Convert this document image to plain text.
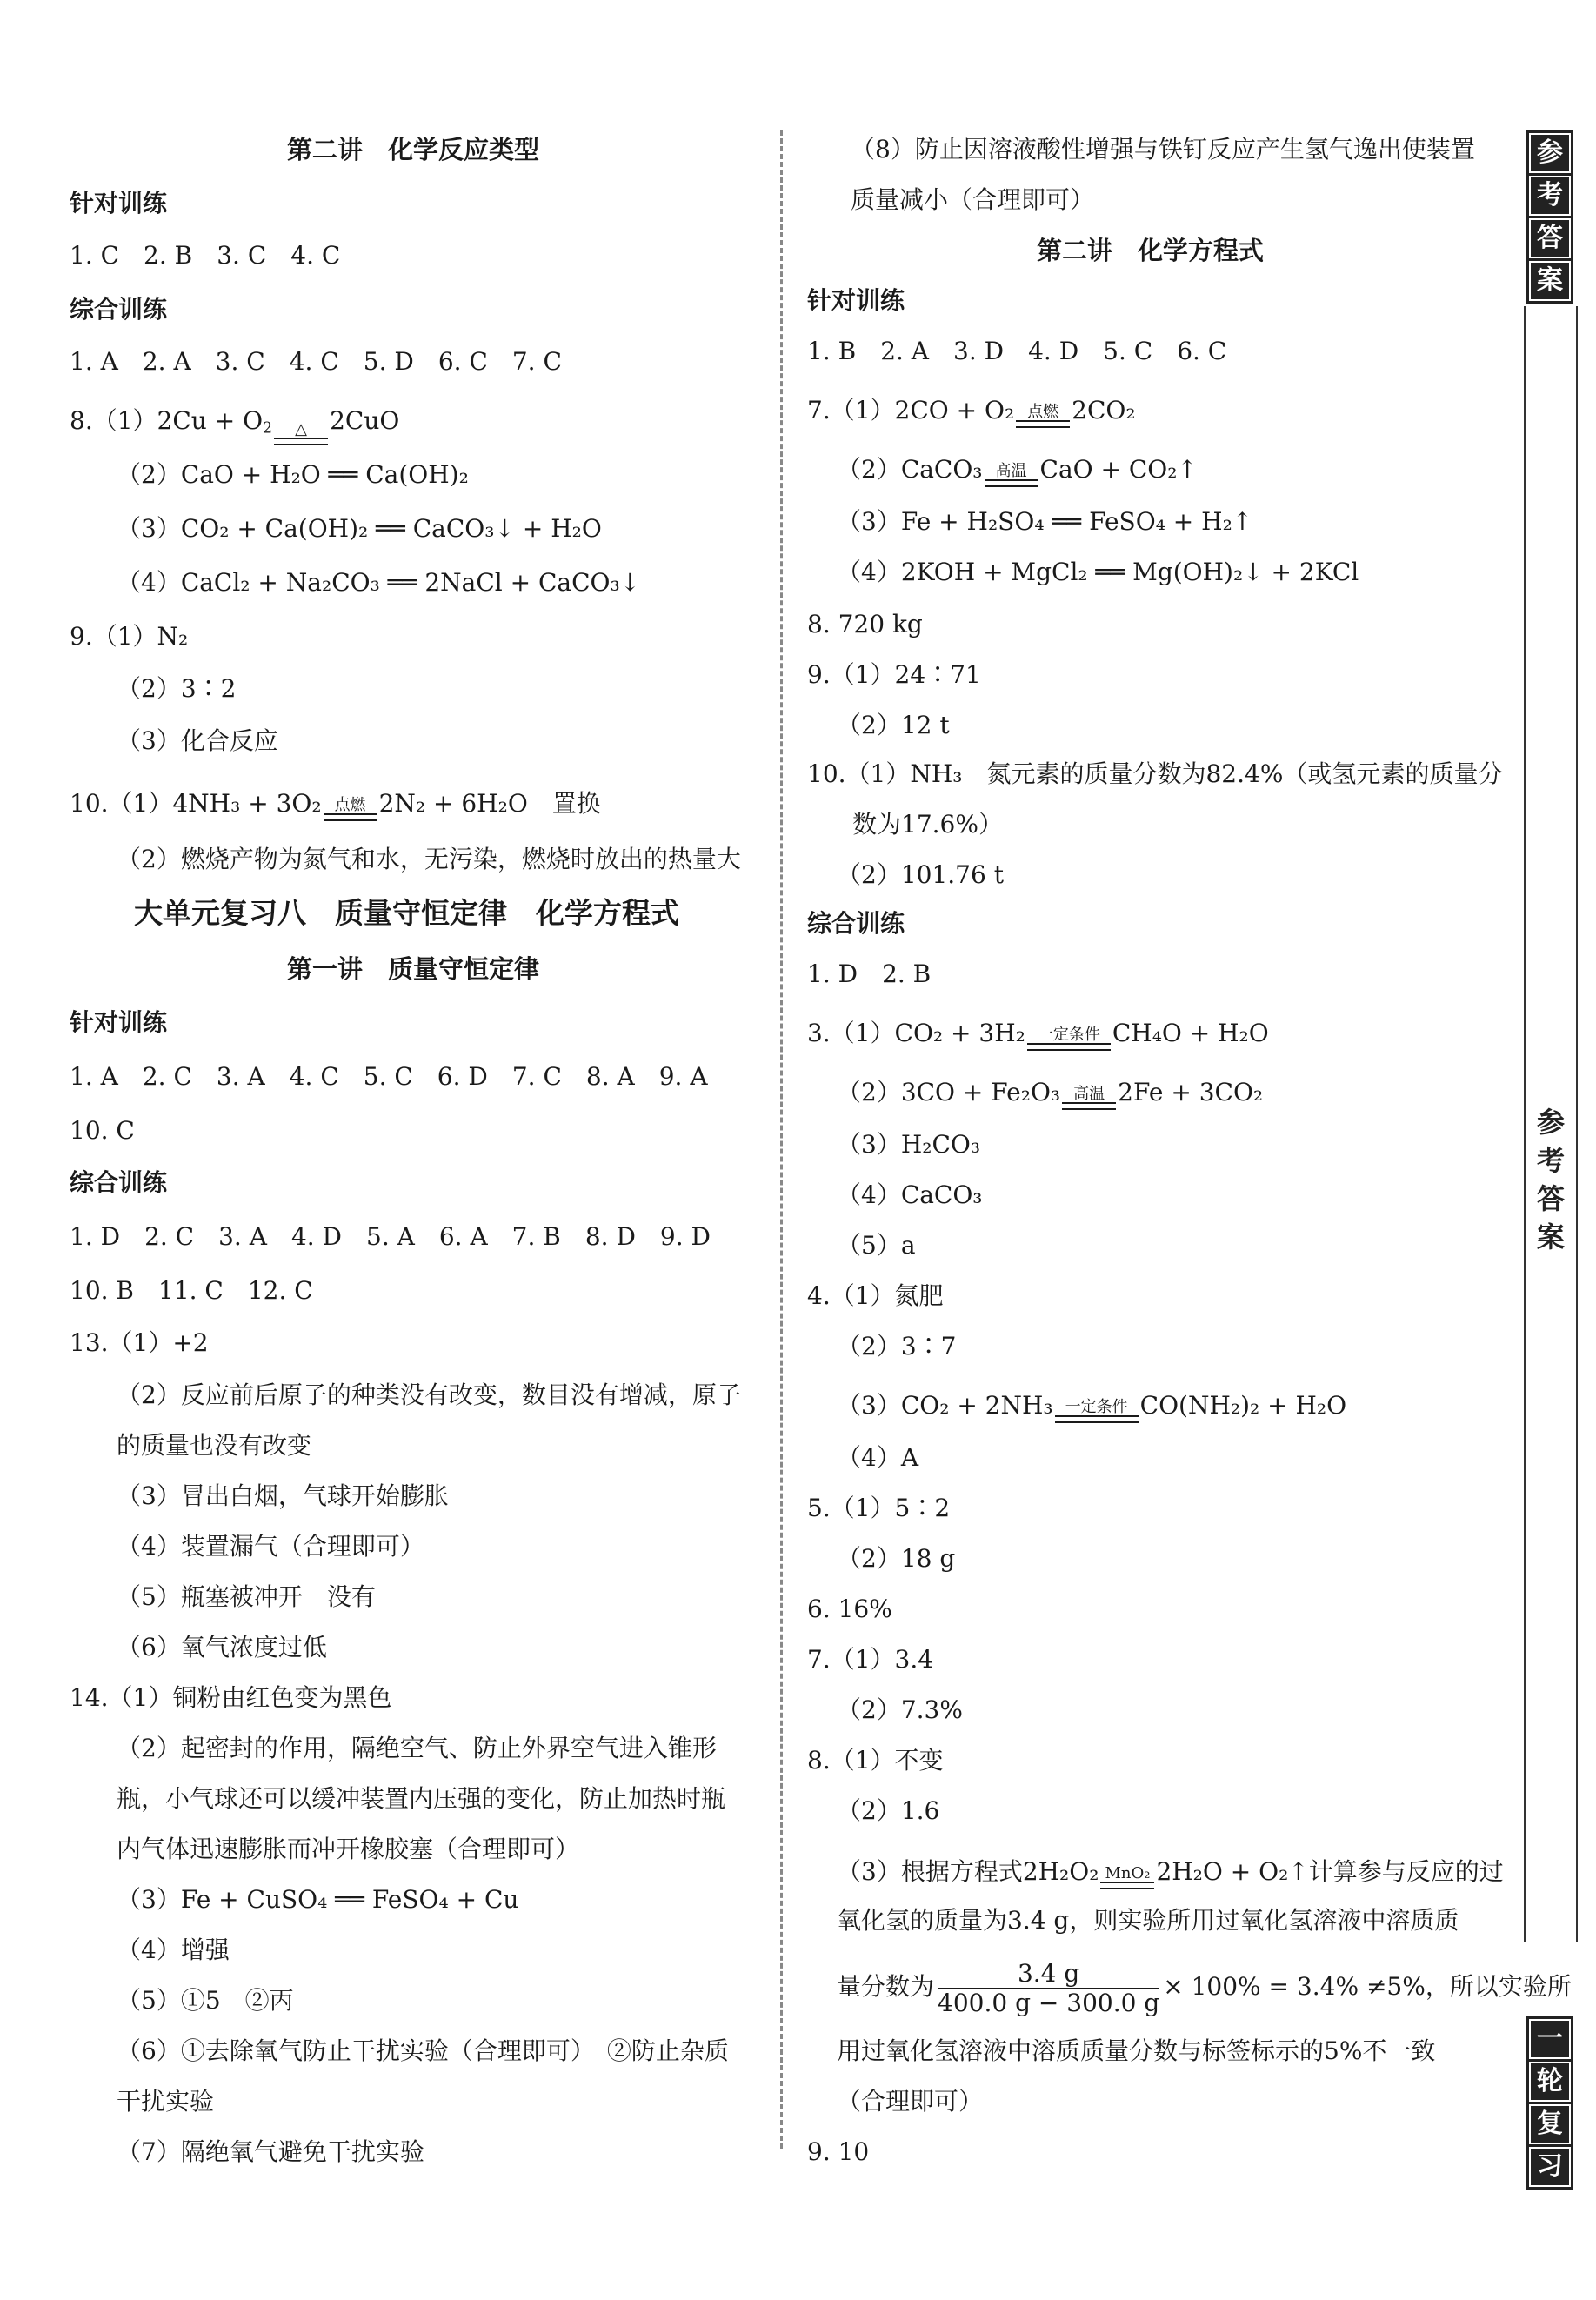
第二讲　化学反应类型
针对训练
1. C　2. B　3. C　4. C
综合训练
1. A　2. A　3. C　4. C　5. D　6. C　7. C
$8.(1)2Cu + O_2$	△ 2CuO
（2）CaO + H₂O ══ Ca(OH)₂
（3）CO₂ + Ca(OH)₂ ══ CaCO₃↓ + H₂O
（4）CaCl₂ + Na₂CO₃ ══ 2NaCl + CaCO₃↓
9.（1）N₂
（2）3∶2
（3）化合反应
10.（1）4NH₃ + 3O₂ 点燃 2N₂ + 6H₂O　置换
（2）燃烧产物为氮气和水，无污染，燃烧时放出的热量大
大单元复习八　质量守恒定律　化学方程式
第一讲　质量守恒定律
针对训练
1. A　2. C　3. A　4. C　5. C　6. D　7. C　8. A　9. A
10. C
综合训练
1. D　2. C　3. A　4. D　5. A　6. A　7. B　8. D　9. D
10. B　11. C　12. C
13.（1）+2
（2）反应前后原子的种类没有改变，数目没有增减，原子
的质量也没有改变
（3）冒出白烟，气球开始膨胀
（4）装置漏气（合理即可）
（5）瓶塞被冲开　没有
（6）氧气浓度过低
14.（1）铜粉由红色变为黑色
（2）起密封的作用，隔绝空气、防止外界空气进入锥形
瓶，小气球还可以缓冲装置内压强的变化，防止加热时瓶
内气体迅速膨胀而冲开橡胶塞（合理即可）
（3）Fe + CuSO₄ ══ FeSO₄ + Cu
（4）增强
（5）①5　②丙
（6）①去除氧气防止干扰实验（合理即可）　②防止杂质
干扰实验
（7）隔绝氧气避免干扰实验
（8）防止因溶液酸性增强与铁钉反应产生氢气逸出使装置
质量减小（合理即可）
第二讲　化学方程式
针对训练
1. B　2. A　3. D　4. D　5. C　6. C
7.（1）2CO + O₂ 点燃 2CO₂
（2）CaCO₃ 高温 CaO + CO₂↑
（3）Fe + H₂SO₄ ══ FeSO₄ + H₂↑
（4）2KOH + MgCl₂ ══ Mg(OH)₂↓ + 2KCl
8. 720 kg
9.（1）24∶71
（2）12 t
10.（1）NH₃　氮元素的质量分数为82.4%（或氢元素的质量分
数为17.6%）
（2）101.76 t
综合训练
1. D　2. B
3.（1）CO₂ + 3H₂ 一定条件 CH₄O + H₂O
（2）3CO + Fe₂O₃ 高温 2Fe + 3CO₂
（3）H₂CO₃
（4）CaCO₃
（5）a
4.（1）氮肥
（2）3∶7
（3）CO₂ + 2NH₃ 一定条件 CO(NH₂)₂ + H₂O
（4）A
5.（1）5∶2
（2）18 g
6. 16%
7.（1）3.4
（2）7.3%
8.（1）不变
（2）1.6
（3）根据方程式2H₂O₂ MnO₂ 2H₂O + O₂↑计算参与反应的过
氧化氢的质量为3.4 g，则实验所用过氧化氢溶液中溶质质
量分数为 $\frac{3.4 g}{400.0 g - 300.0 g} \times 100\% = 3.4\% \ne 5\%$，所以实验所
用过氧化氢溶液中溶质质量分数与标签标示的5%不一致
（合理即可）
9. 10
参
考
答
案
参
考
答
案
一
轮
复
习
